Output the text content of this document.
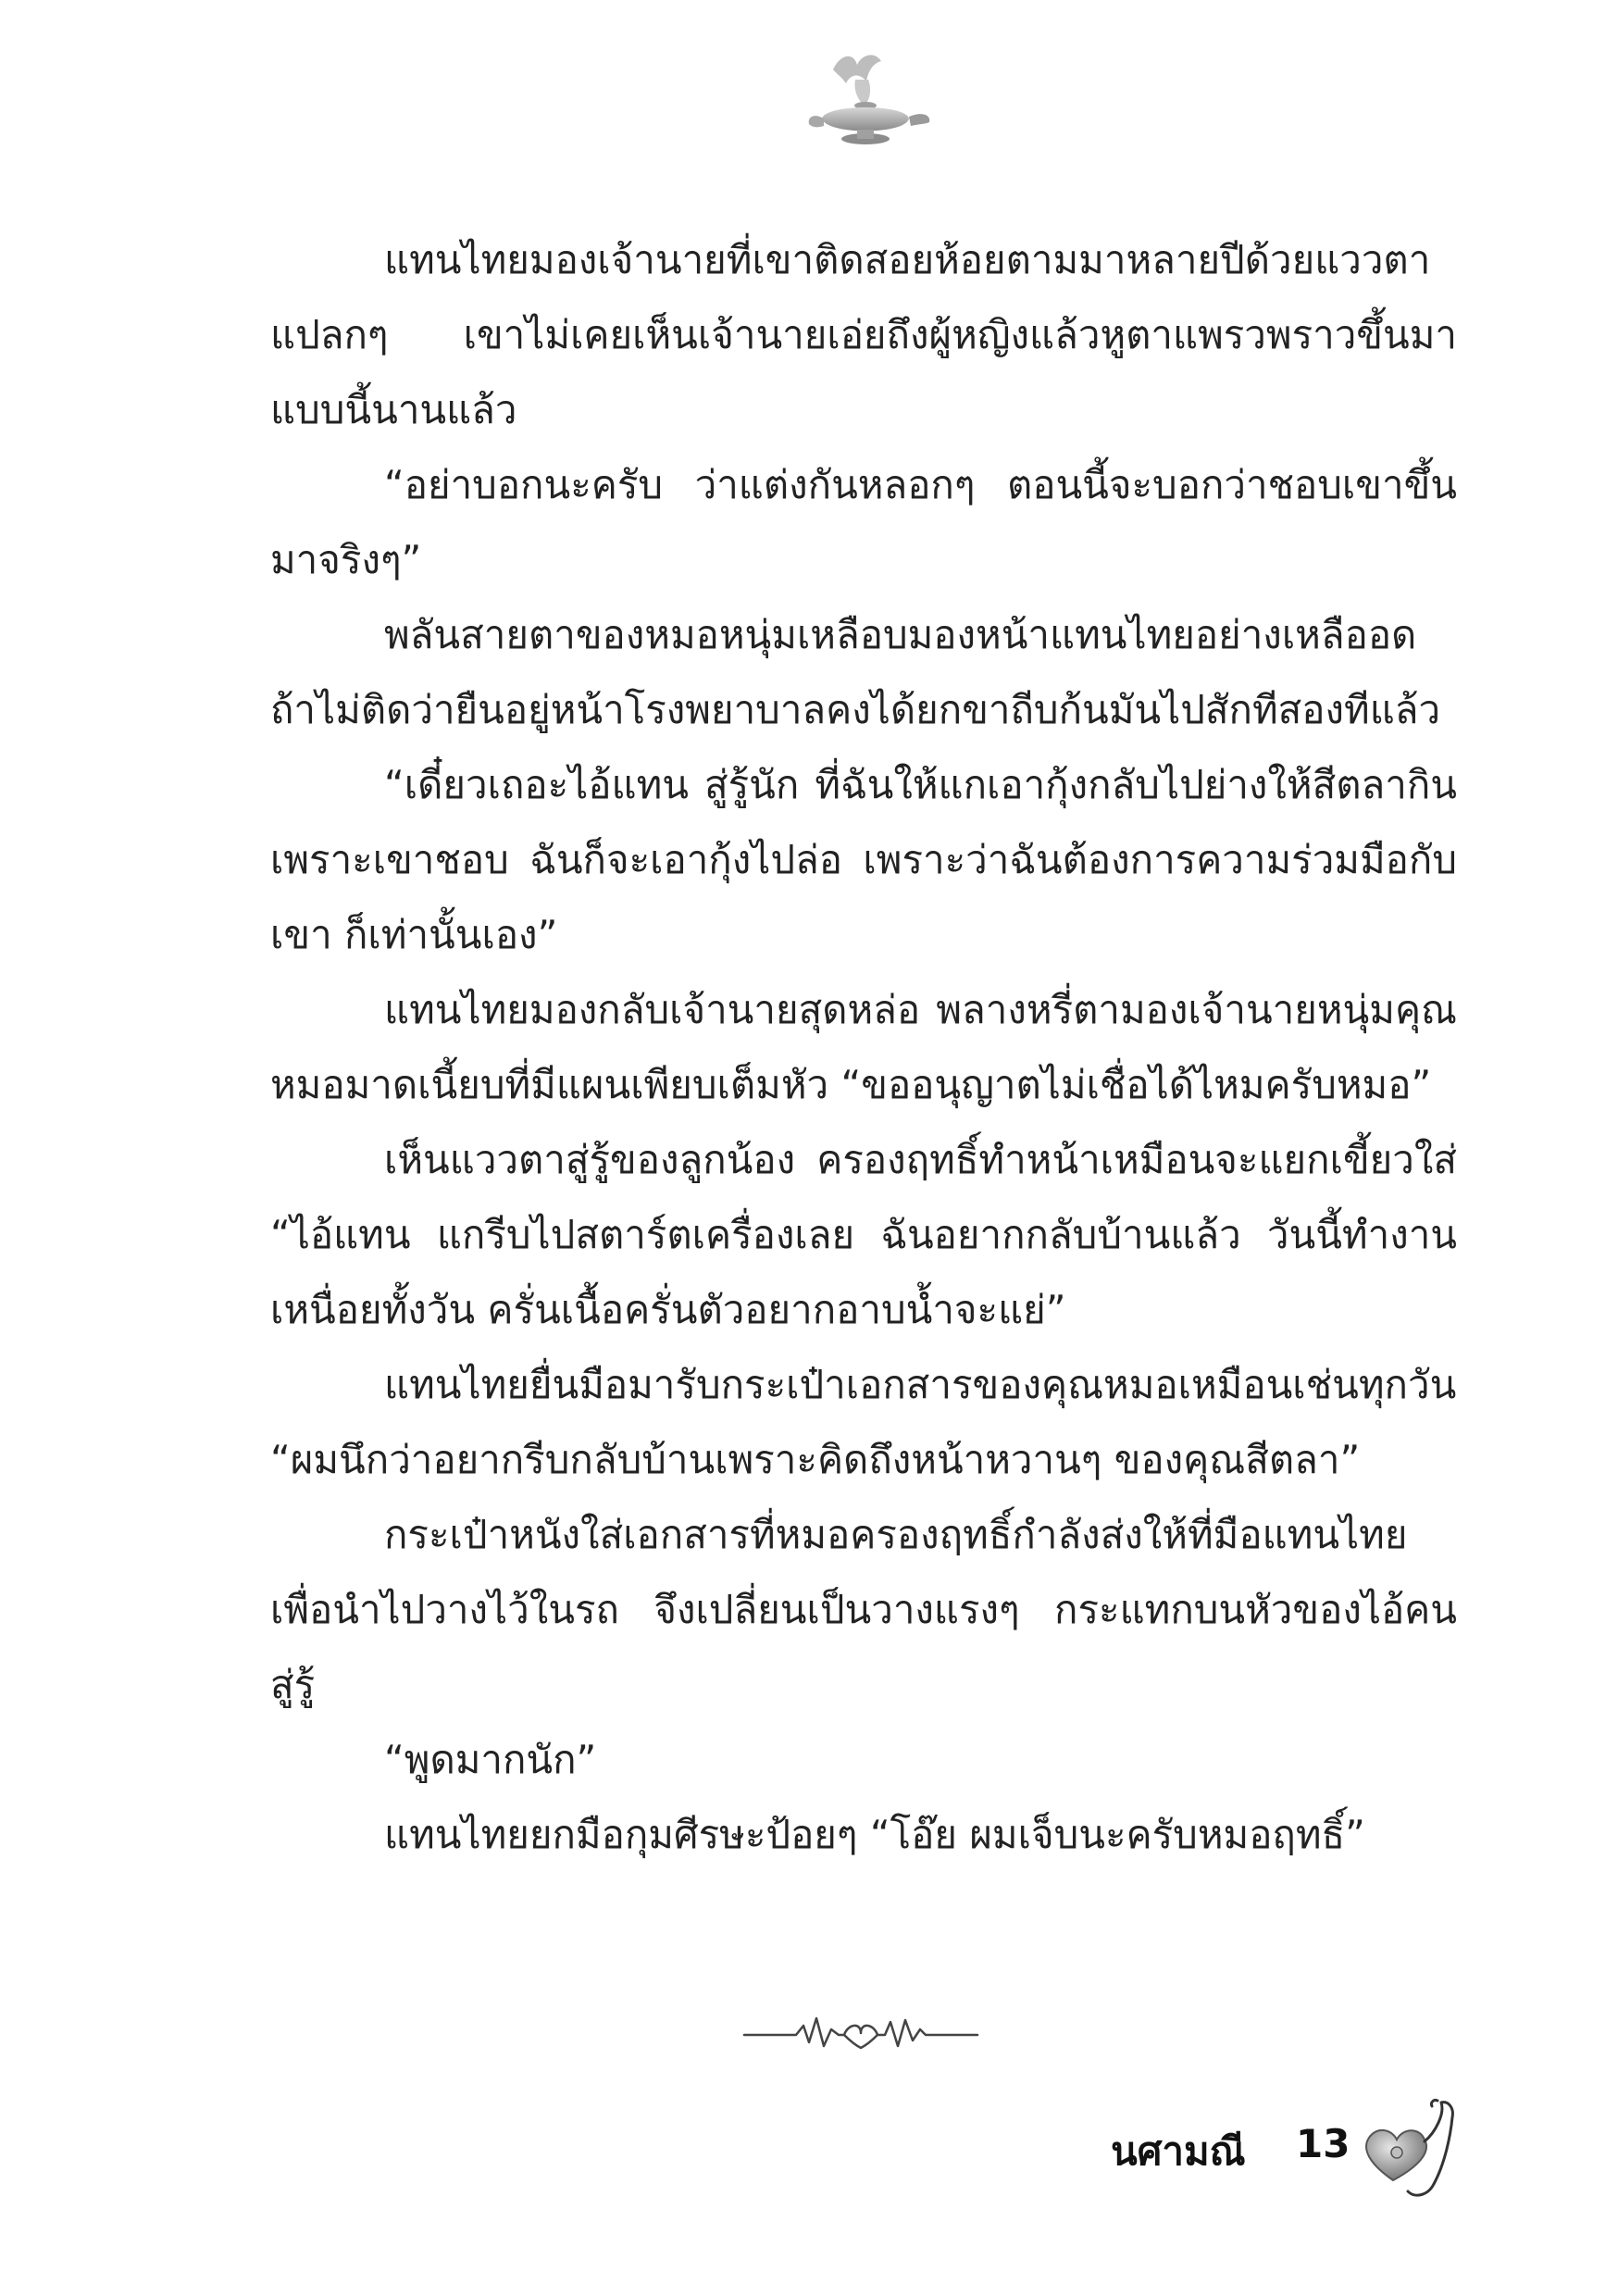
แทนไทยมองเจ้านายที่เขาติดสอยห้อยตามมาหลายปีด้วยแววตาแปลกๆ เขาไม่เคยเห็นเจ้านายเอ่ยถึงผู้หญิงแล้วหูตาแพรวพราวขึ้นมาแบบนี้นานแล้ว

“อย่าบอกนะครับ ว่าแต่งกันหลอกๆ ตอนนี้จะบอกว่าชอบเขาขึ้นมาจริงๆ”

พลันสายตาของหมอหนุ่มเหลือบมองหน้าแทนไทยอย่างเหลืออดถ้าไม่ติดว่ายืนอยู่หน้าโรงพยาบาลคงได้ยกขาถีบก้นมันไปสักทีสองทีแล้ว

“เดี๋ยวเถอะไอ้แทน สู่รู้นัก ที่ฉันให้แกเอากุ้งกลับไปย่างให้สีตลากินเพราะเขาชอบ ฉันก็จะเอากุ้งไปล่อ เพราะว่าฉันต้องการความร่วมมือกับเขา ก็เท่านั้นเอง”

แทนไทยมองกลับเจ้านายสุดหล่อ พลางหรี่ตามองเจ้านายหนุ่มคุณหมอมาดเนี้ยบที่มีแผนเพียบเต็มหัว “ขออนุญาตไม่เชื่อได้ไหมครับหมอ”

เห็นแววตาสู่รู้ของลูกน้อง ครองฤทธิ์ทำหน้าเหมือนจะแยกเขี้ยวใส่ “ไอ้แทน แกรีบไปสตาร์ตเครื่องเลย ฉันอยากกลับบ้านแล้ว วันนี้ทำงานเหนื่อยทั้งวัน ครั่นเนื้อครั่นตัวอยากอาบน้ำจะแย่”

แทนไทยยื่นมือมารับกระเป๋าเอกสารของคุณหมอเหมือนเช่นทุกวัน “ผมนึกว่าอยากรีบกลับบ้านเพราะคิดถึงหน้าหวานๆ ของคุณสีตลา”

กระเป๋าหนังใส่เอกสารที่หมอครองฤทธิ์กำลังส่งให้ที่มือแทนไทยเพื่อนำไปวางไว้ในรถ จึงเปลี่ยนเป็นวางแรงๆ กระแทกบนหัวของไอ้คนสู่รู้

“พูดมากนัก”

แทนไทยยกมือกุมศีรษะป้อยๆ “โอ๊ย ผมเจ็บนะครับหมอฤทธิ์”

นศามณี 13
